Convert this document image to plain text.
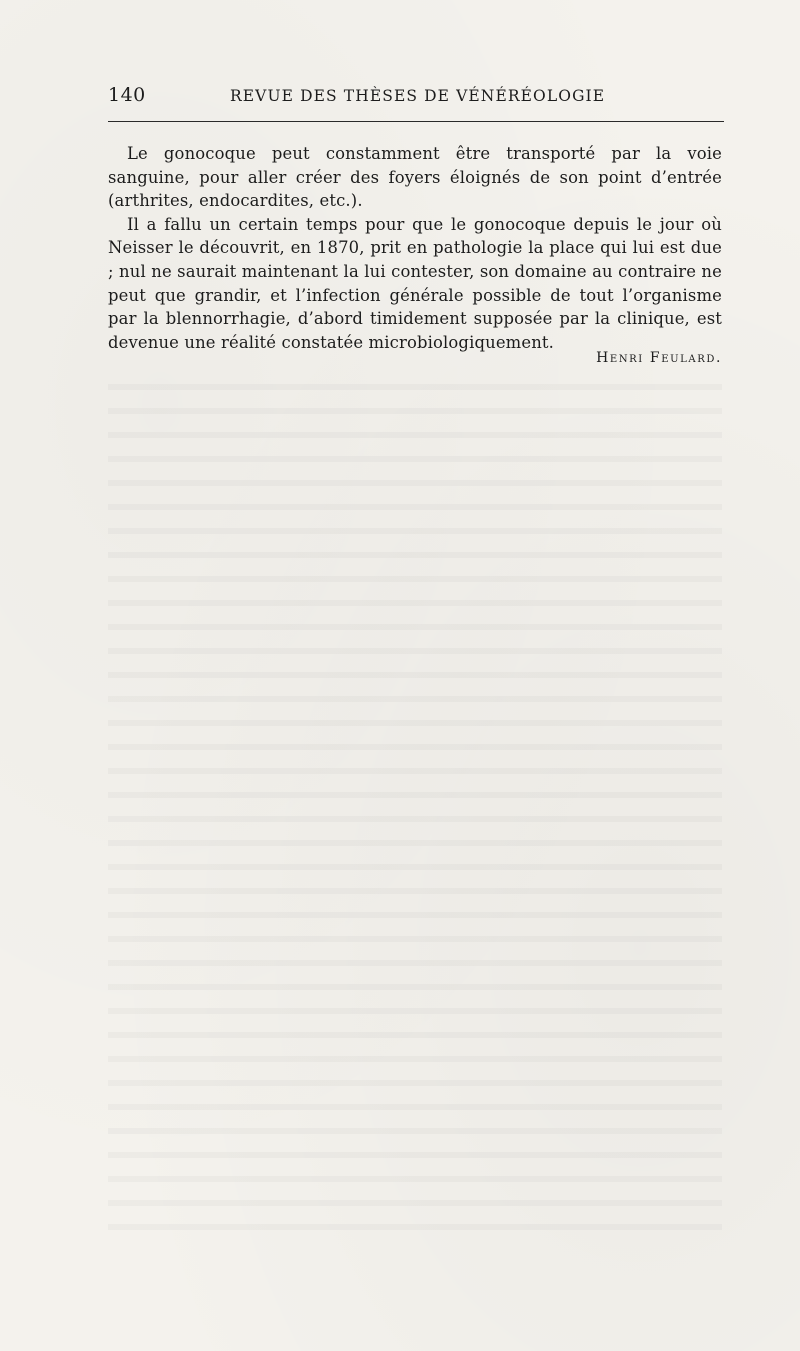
140	REVUE DES THÈSES DE VÉNÉRÉOLOGIE

Le gonocoque peut constamment être transporté par la voie sanguine, pour aller créer des foyers éloignés de son point d’entrée (arthrites, endocardites, etc.).

Il a fallu un certain temps pour que le gonocoque depuis le jour où Neisser le découvrit, en 1870, prit en pathologie la place qui lui est due ; nul ne saurait maintenant la lui contester, son domaine au contraire ne peut que grandir, et l’infection générale possible de tout l’organisme par la blennorrhagie, d’abord timidement supposée par la clinique, est devenue une réalité constatée microbiologiquement.

Henri Feulard.
